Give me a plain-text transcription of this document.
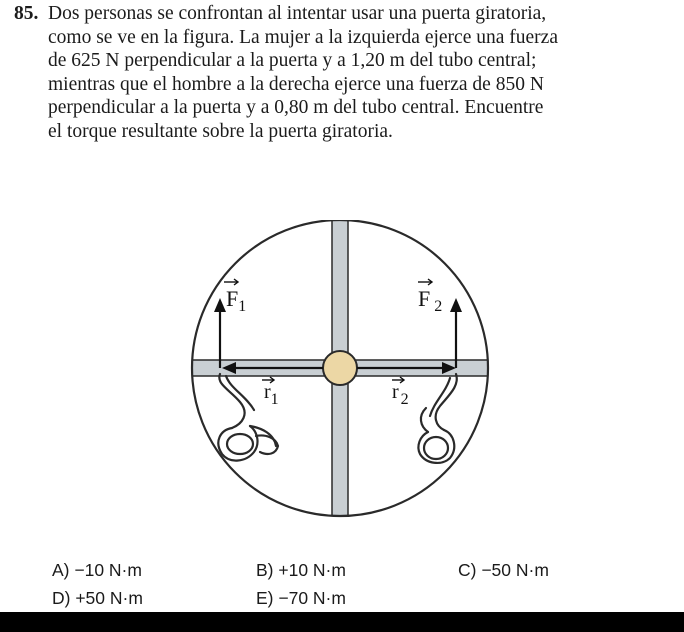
85. Dos personas se confrontan al intentar usar una puerta giratoria,
como se ve en la figura. La mujer a la izquierda ejerce una fuerza
de 625 N perpendicular a la puerta y a 1,20 m del tubo central;
mientras que el hombre a la derecha ejerce una fuerza de 850 N
perpendicular a la puerta y a 0,80 m del tubo central. Encuentre
el torque resultante sobre la puerta giratoria.
$F_1$	F $_2$
$r_1$	r $_2$
A) −10 N·m	B) +10 N·m	C) −50 N·m
D) +50 N·m	E) −70 N·m
